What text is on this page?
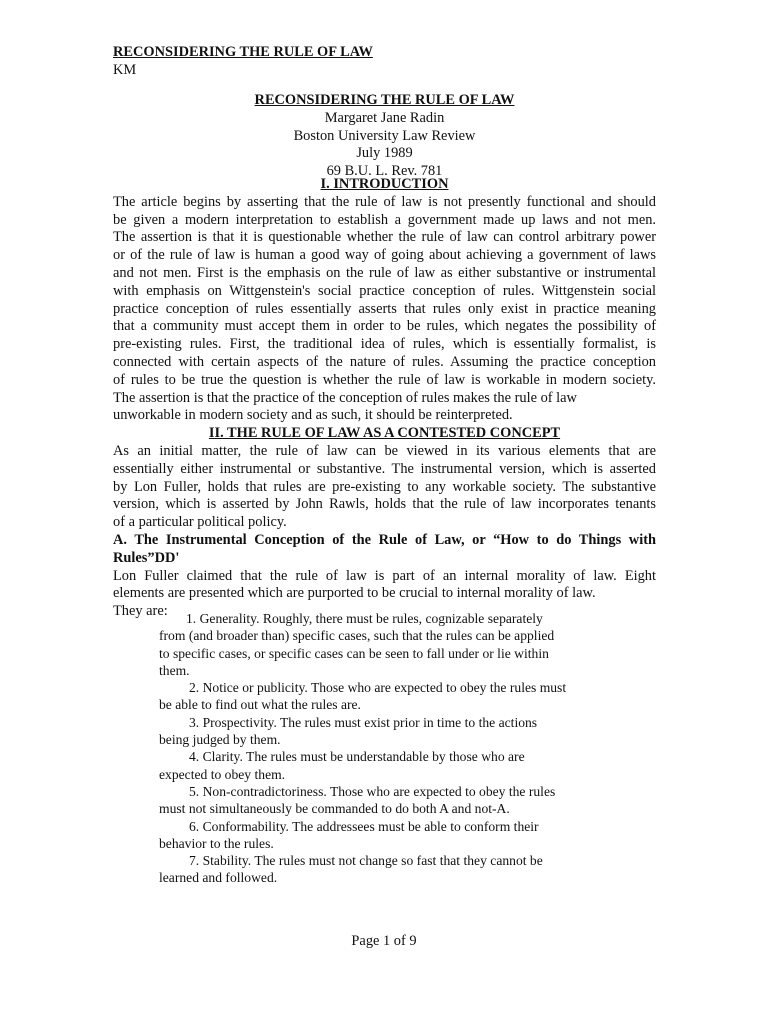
RECONSIDERING THE RULE OF LAW
KM
RECONSIDERING THE RULE OF LAW
Margaret Jane Radin
Boston University Law Review
July 1989
69 B.U. L. Rev. 781
I. INTRODUCTION
The article begins by asserting that the rule of law is not presently functional and should
be given a modern interpretation to establish a government made up laws and not men.
The assertion is that it is questionable whether the rule of law can control arbitrary power
or of the rule of law is human a good way of going about achieving a government of laws
and not men. First is the emphasis on the rule of law as either substantive or instrumental
with emphasis on Wittgenstein's social practice conception of rules. Wittgenstein social
practice conception of rules essentially asserts that rules only exist in practice meaning
that a community must accept them in order to be rules, which negates the possibility of
pre-existing rules. First, the traditional idea of rules, which is essentially formalist, is
connected with certain aspects of the nature of rules. Assuming the practice conception
of rules to be true the question is whether the rule of law is workable in modern society.
The assertion is that the practice of the conception of rules makes the rule of law
unworkable in modern society and as such, it should be reinterpreted.
II. THE RULE OF LAW AS A CONTESTED CONCEPT
As an initial matter, the rule of law can be viewed in its various elements that are
essentially either instrumental or substantive. The instrumental version, which is asserted
by Lon Fuller, holds that rules are pre-existing to any workable society. The substantive
version, which is asserted by John Rawls, holds that the rule of law incorporates tenants
of a particular political policy.
A. The Instrumental Conception of the Rule of Law, or “How to do Things with
Rules”DD'
Lon Fuller claimed that the rule of law is part of an internal morality of law. Eight
elements are presented which are purported to be crucial to internal morality of law.
They are:	1. Generality. Roughly, there must be rules, cognizable separately
from (and broader than) specific cases, such that the rules can be applied
to specific cases, or specific cases can be seen to fall under or lie within
them.
2. Notice or publicity. Those who are expected to obey the rules must
be able to find out what the rules are.
3. Prospectivity. The rules must exist prior in time to the actions
being judged by them.
4. Clarity. The rules must be understandable by those who are
expected to obey them.
5. Non-contradictoriness. Those who are expected to obey the rules
must not simultaneously be commanded to do both A and not-A.
6. Conformability. The addressees must be able to conform their
behavior to the rules.
7. Stability. The rules must not change so fast that they cannot be
learned and followed.
Page 1 of 9
